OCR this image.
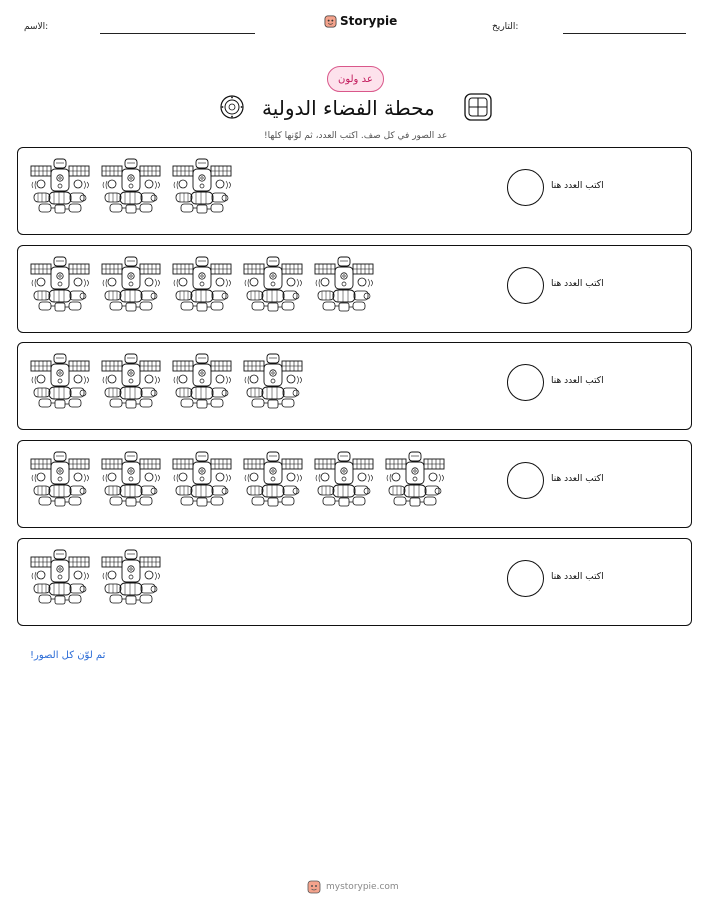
الاسم:	Storypie	التاريخ:
عد ولون
محطة الفضاء الدولية
عد الصور في كل صف. اكتب العدد، ثم لوّنها كلها!
اكتب العدد هنا
اكتب العدد هنا
اكتب العدد هنا
اكتب العدد هنا
اكتب العدد هنا
ثم لوّن كل الصور!
mystorypie.com
